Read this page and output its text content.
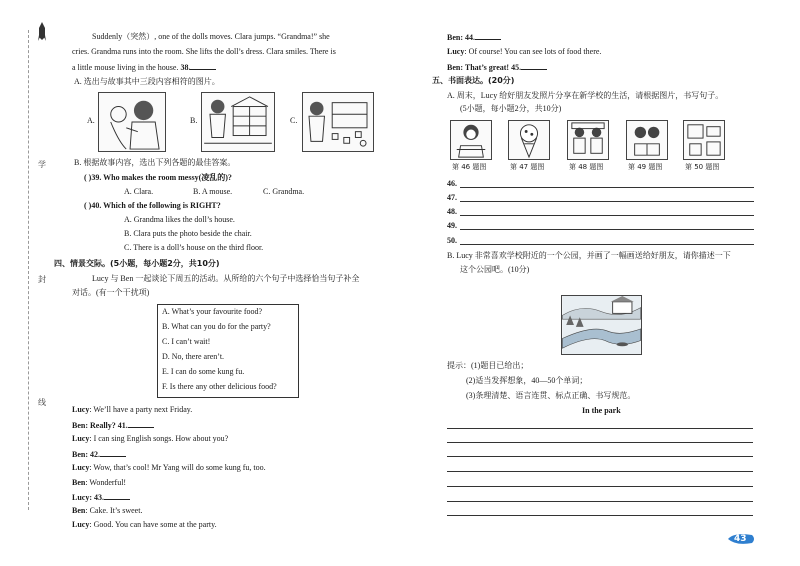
学
封
线
Suddenly（突然）, one of the dolls moves. Clara jumps. “Grandma!” she
cries. Grandma runs into the room. She lifts the doll’s dress. Clara smiles. There is
a little mouse living in the house. 38.
A. 选出与故事其中三段内容相符的图片。
A.	B.	C.
B. 根据故事内容，选出下列各题的最佳答案。
( )39. Who makes the room messy(凌乱的)?
A. Clara.	B. A mouse.	C. Grandma.
( )40. Which of the following is RIGHT?
A. Grandma likes the doll’s house.
B. Clara puts the photo beside the chair.
C. There is a doll’s house on the third floor.
四、情景交际。(5小题，每小题2分，共10分)
Lucy 与 Ben 一起谈论下周五的活动。从所给的六个句子中选择恰当句子补全
对话。(有一个干扰项)
A. What’s your favourite food?
B. What can you do for the party?
C. I can’t wait!
D. No, there aren’t.
E. I can do some kung fu.
F. Is there any other delicious food?
Lucy: We’ll have a party next Friday.
Ben: Really? 41.
Lucy: I can sing English songs. How about you?
Ben: 42.
Lucy: Wow, that’s cool! Mr Yang will do some kung fu, too.
Ben: Wonderful!
Lucy: 43.
Ben: Cake. It’s sweet.
Lucy: Good. You can have some at the party.
Ben: 44.
Lucy: Of course! You can see lots of food there.
Ben: That’s great! 45.
五、书面表达。(20分)
A. 周末，Lucy 给好朋友发照片分享在新学校的生活，请根据图片，书写句子。
(5小题，每小题2分，共10分)
第 46 题图	第 47 题图	第 48 题图	第 49 题图	第 50 题图
46.
47.
48.
49.
50.
B. Lucy 非常喜欢学校附近的一个公园，并画了一幅画送给好朋友，请你描述一下
这个公园吧。(10分)
提示：(1)题目已给出；
(2)适当发挥想象，40—50个单词；
(3)条理清楚、语言连贯、标点正确、书写规范。
In the park
43
